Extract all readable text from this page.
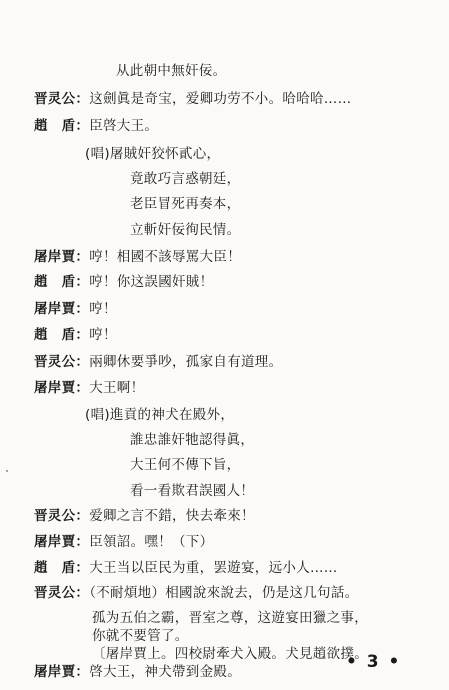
从此朝中無奸佞。
晋灵公：这劍眞是奇宝，爱卿功劳不小。哈哈哈……
趙　盾：臣啓大王。
(唱)屠賊奸狡怀貳心，
竟敢巧言惑朝廷，
老臣冒死再奏本，
立斬奸佞徇民情。
屠岸賈：哼！相國不該辱罵大臣！
趙　盾：哼！你这誤國奸賊！
屠岸賈：哼！
趙　盾：哼！
晋灵公：兩卿休要爭吵，孤家自有道理。
屠岸賈：大王啊！
(唱)進貢的神犬在殿外，
誰忠誰奸牠認得眞，
大王何不傳下旨，
看一看欺君誤國人！
晋灵公：爱卿之言不錯，快去牽來！
屠岸賈：臣領詔。嘿！（下）
趙　盾：大王当以臣民为重，罢遊宴，远小人……
晋灵公：（不耐煩地）相國說來說去，仍是这几句話。
孤为五伯之霸，晋室之尊，这遊宴田獵之事，
你就不要管了。
〔屠岸賈上。四校尉牽犬入殿。犬見趙欲撲。
屠岸賈：啓大王，神犬帶到金殿。	• 3 •
